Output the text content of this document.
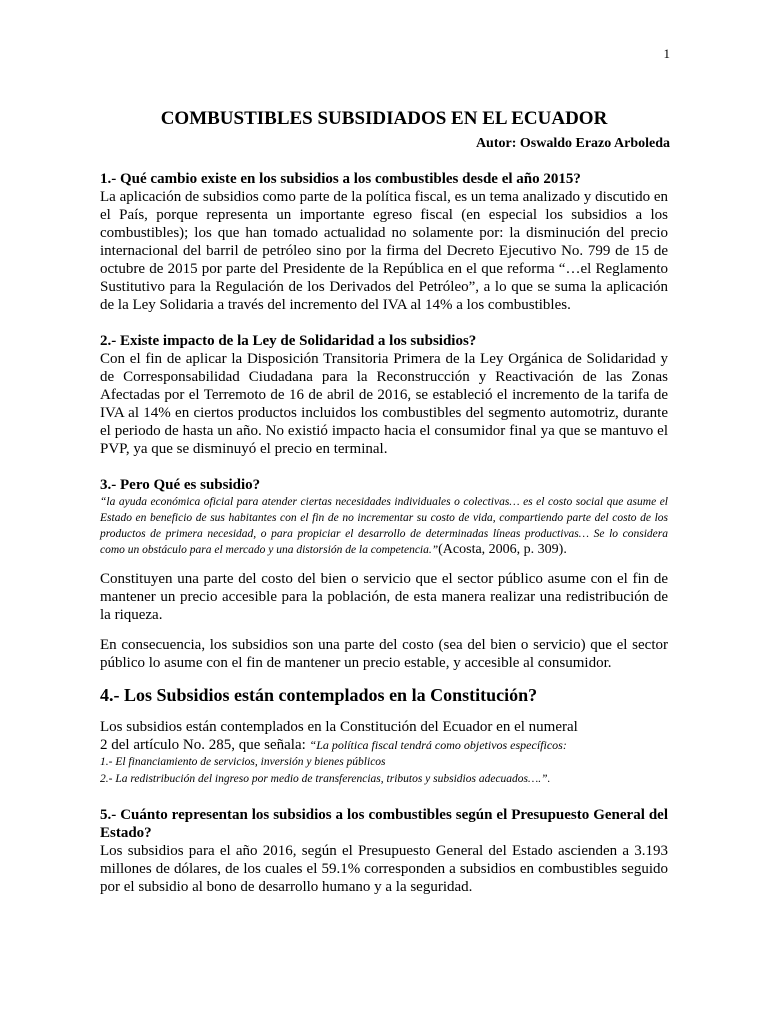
1
COMBUSTIBLES SUBSIDIADOS EN EL ECUADOR
Autor: Oswaldo Erazo Arboleda

1.- Qué cambio existe en los subsidios a los combustibles desde el año 2015?

La aplicación de subsidios como parte de la política fiscal, es un tema analizado y discutido en el País, porque representa un importante egreso fiscal (en especial los subsidios a los combustibles); los que han tomado actualidad no solamente por: la disminución del precio internacional del barril de petróleo sino por la firma del Decreto Ejecutivo No. 799 de 15 de octubre de 2015 por parte del Presidente de la República en el que reforma “…el Reglamento Sustitutivo para la Regulación de los Derivados del Petróleo”, a lo que se suma la aplicación de la Ley Solidaria a través del incremento del IVA al 14% a los combustibles.

2.- Existe impacto de la Ley de Solidaridad a los subsidios?

Con el fin de aplicar la Disposición Transitoria Primera de la Ley Orgánica de Solidaridad y de Corresponsabilidad Ciudadana para la Reconstrucción y Reactivación de las Zonas Afectadas por el Terremoto de 16 de abril de 2016, se estableció el incremento de la tarifa de IVA al 14% en ciertos productos incluidos los combustibles del segmento automotriz, durante el periodo de hasta un año. No existió impacto hacia el consumidor final ya que se mantuvo el PVP, ya que se disminuyó el precio en terminal.

3.- Pero Qué es subsidio?

“la ayuda económica oficial para atender ciertas necesidades individuales o colectivas… es el costo social que asume el Estado en beneficio de sus habitantes con el fin de no incrementar su costo de vida, compartiendo parte del costo de los productos de primera necesidad, o para propiciar el desarrollo de determinadas líneas productivas… Se lo considera como un obstáculo para el mercado y una distorsión de la competencia.”(Acosta, 2006, p. 309).

Constituyen una parte del costo del bien o servicio que el sector público asume con el fin de mantener un precio accesible para la población, de esta manera realizar una redistribución de la riqueza.

En consecuencia, los subsidios son una parte del costo (sea del bien o servicio) que el sector público lo asume con el fin de mantener un precio estable, y accesible al consumidor.

4.- Los Subsidios están contemplados en la Constitución?

Los subsidios están contemplados en la Constitución del Ecuador en el numeral

2 del artículo No. 285, que señala: “La política fiscal tendrá como objetivos específicos:

1.- El financiamiento de servicios, inversión y bienes públicos

2.- La redistribución del ingreso por medio de transferencias, tributos y subsidios adecuados….”.

5.- Cuánto representan los subsidios a los combustibles según el Presupuesto General del Estado?

Los subsidios para el año 2016, según el Presupuesto General del Estado ascienden a 3.193 millones de dólares, de los cuales el 59.1% corresponden a subsidios en combustibles seguido por el subsidio al bono de desarrollo humano y a la seguridad.
